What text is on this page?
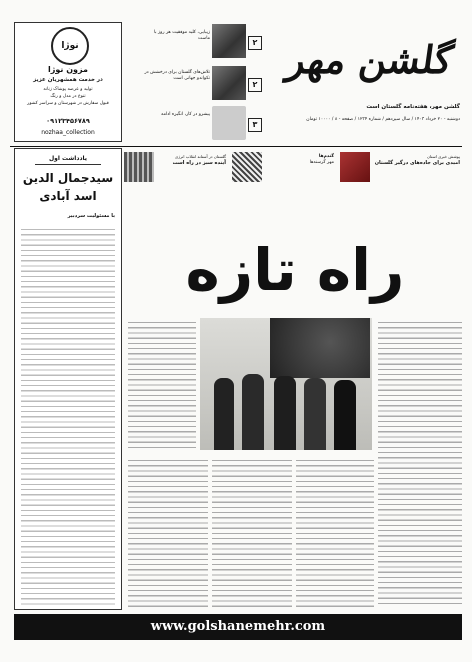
نوژا
مزون نوژا
در خدمت همشهریان عزیز
تولید و عرضه پوشاک زنانه
تنوع در مدل و رنگ
قبول سفارش در شهرستان و سراسر کشور
۰۹۱۲۳۴۵۶۷۸۹
nozhaa_collection
زیبایی، کلید موفقیت هر روز با ماست	۲
تلاش‌های گلستان برای درخشش در تکواندو جهانی است
۲
پیشرو در کار، انگیزه ادامه
۳
گلشن مهر
گلشن مهر، هفته‌نامه گلستان است
دوشنبه - ۲۰ خرداد ۱۴۰۳ / سال سیزدهم / شماره ۱۲۳۴ / صفحه - ۸ / ۱۰۰۰۰ تومان
پوشش خبری استان
امیدی برای جاده‌های درگیر گلستان
گندم‌ها
مهر گرسنه‌ها
گلستان در آستانه انقلاب انرژی
آینده سبز در راه است
یادداشت اول
سیدجمال الدین اسد آبادی
با مسئولیت سردبیر
راه تازه
www.golshanemehr.com
